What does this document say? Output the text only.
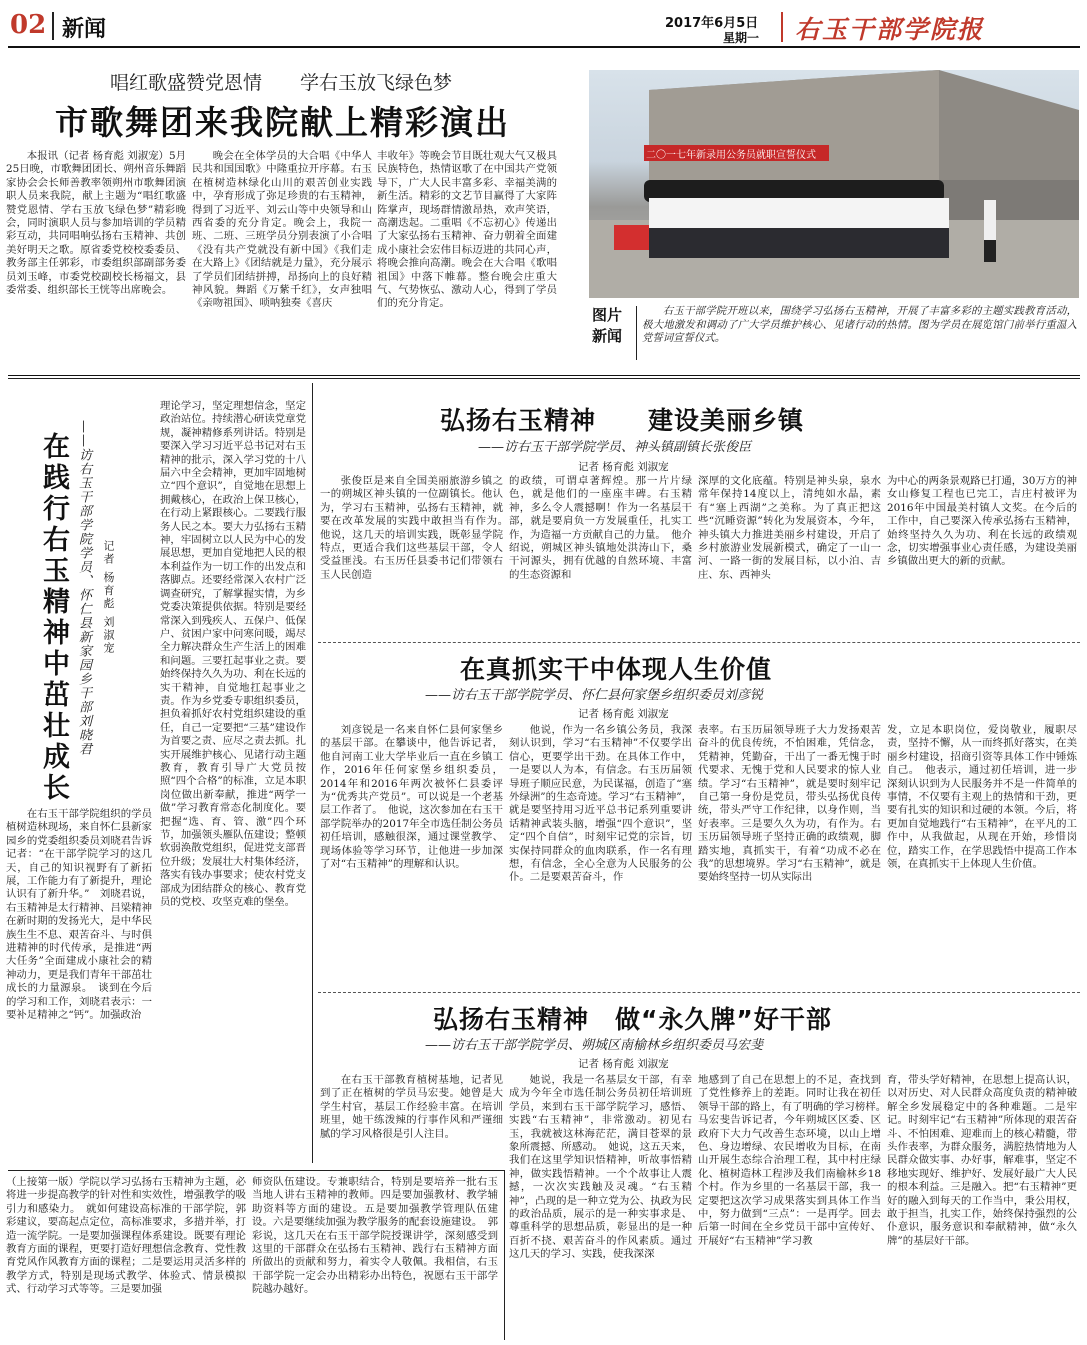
02 新闻	2017年6月5日
星期一 右玉干部学院报
唱红歌盛赞党恩情　　学右玉放飞绿色梦
市歌舞团来我院献上精彩演出

本报讯（记者 杨育彪 刘淑宠）5月25日晚，市歌舞团团长、朔州音乐舞蹈家协会会长师善教率领朔州市歌舞团演职人员来我院，献上主题为“唱红歌盛赞党恩情、学右玉放飞绿色梦”精彩晚会，同时演职人员与参加培训的学员精彩互动，共同唱响弘扬右玉精神、共创美好明天之歌。原省委党校校委委员、教务部主任郭彩，市委组织部副部务委员刘玉峰，市委党校副校长杨福文，县委常委、组织部长王恍等出席晚会。

晚会在全体学员的大合唱《中华人民共和国国歌》中隆重拉开序幕。右玉在植树造林绿化山川的艰苦创业实践中，孕育形成了弥足珍贵的右玉精神，得到了习近平、刘云山等中央领导和山西省委的充分肯定。晚会上，我院一班、二班、三班学员分别表演了小合唱《没有共产党就没有新中国》《我们走在大路上》《团结就是力量》，充分展示了学员们团结拼搏，昂扬向上的良好精神风貌。舞蹈《万紫千红》，女声独唱《亲吻祖国》、唢呐独奏《喜庆

丰收年》等晚会节目既壮观大气又极具民族特色，热情讴歌了在中国共产党领导下，广大人民丰富多彩、幸福美满的新生活。精彩的文艺节目赢得了大家阵阵掌声，现场群情激昂热，欢声笑语，高潮迭起。二重唱《不忘初心》传递出了大家弘扬右玉精神、奋力朝着全面建成小康社会宏伟目标迈进的共同心声，将晚会推向高潮。晚会在大合唱《歌唱祖国》中落下帷幕。整台晚会庄重大气、气势恢弘、激动人心，得到了学员们的充分肯定。

二〇一七年新录用公务员就职宣誓仪式
图片新闻
右玉干部学院开班以来，围绕学习弘扬右玉精神，开展了丰富多彩的主题实践教育活动，极大地激发和调动了广大学员维护核心、见诸行动的热情。图为学员在展览馆门前举行重温入党誓词宣誓仪式。
在践行右玉精神中茁壮成长 ——访右玉干部学院学员、怀仁县新家园乡干部刘晓君 记者 杨育彪 刘淑宠

在右玉干部学院组织的学员植树造林现场，来自怀仁县新家园乡的党委组织委员刘晓君告诉记者：“在干部学院学习的这几天，自己的知识视野有了新拓展，工作能力有了新提升，理论认识有了新升华。”　刘晓君说，右玉精神是太行精神、吕梁精神在新时期的发扬光大，是中华民族生生不息、艰苦奋斗、与时俱进精神的时代传承，是推进“两大任务”全面建成小康社会的精神动力，更是我们青年干部茁壮成长的力量源泉。　谈到在今后的学习和工作，刘晓君表示：一要补足精神之“钙”。加强政治

理论学习，坚定理想信念，坚定政治站位。持续潜心研读党章党规，凝神精修系列讲话。特别是要深入学习习近平总书记对右玉精神的批示，深入学习党的十八届六中全会精神，更加牢固地树立“四个意识”，自觉地在思想上拥戴核心，在政治上保卫核心，在行动上紧跟核心。二要践行服务人民之本。要大力弘扬右玉精神，牢固树立以人民为中心的发展思想，更加自觉地把人民的根本利益作为一切工作的出发点和落脚点。还要经常深入农村广泛调查研究，了解掌握实情，为乡党委决策提供依据。特别是要经常深入到残疾人、五保户、低保户、贫困户家中问寒问暖，竭尽全力解决群众生产生活上的困难和问题。三要扛起事业之责。要始终保持久久为功、利在长远的实干精神，自觉地扛起事业之责。作为乡党委专职组织委员，担负着抓好农村党组织建设的重任，自己一定要把“三基”建设作为首要之责、应尽之责去抓。扎实开展维护核心、见诸行动主题教育，教育引导广大党员按照“四个合格”的标准，立足本职岗位做出新奉献，推进“两学一做”学习教育常态化制度化。要把握“选、育、管、激”四个环节，加强领头雁队伍建设；整顿软弱涣散党组织，促进党支部晋位升级；发展壮大村集体经济，落实有钱办事要求；使农村党支部成为团结群众的核心、教育党员的党校、攻坚克难的堡垒。

弘扬右玉精神　　建设美丽乡镇
——访右玉干部学院学员、神头镇副镇长张俊臣
记者 杨育彪 刘淑宠

张俊臣是来自全国美丽旅游乡镇之一的朔城区神头镇的一位副镇长。他认为，学习右玉精神，弘扬右玉精神，就要在改革发展的实践中敢担当有作为。　他说，这几天的培训实践，既彰显学院特点，更适合我们这些基层干部，令人受益匪浅。右玉历任县委书记们带领右玉人民创造

的政绩，可谓卓著辉煌。那一片片绿色，就是他们的一座座丰碑。右玉精神，多么令人震撼啊！作为一名基层干部，就是要肩负一方发展重任，扎实工作，为造福一方贡献自己的力量。　他介绍说，朔城区神头镇地处洪涛山下，桑干河源头，拥有优越的自然环境、丰富的生态资源和

深厚的文化底蕴。特别是神头泉，泉水常年保持14度以上，清纯如水晶，素有“塞上西湖”之美称。为了真正把这些“沉睡资源”转化为发展资本，今年，神头镇大力推进美丽乡村建设，开启了乡村旅游业发展新模式，确定了一山一河、一路一街的发展目标，以小泊、吉庄、东、西神头

为中心的两条景观路已打通，30万方的神女山修复工程也已完工，吉庄村被评为2016年中国最美村镇人文奖。在今后的工作中，自己要深入传承弘扬右玉精神，始终坚持久久为功、利在长远的政绩观念，切实增强事业心责任感，为建设美丽乡镇做出更大的新的贡献。

在真抓实干中体现人生价值
——访右玉干部学院学员、怀仁县何家堡乡组织委员刘彦锐
记者 杨育彪 刘淑宠

刘彦锐是一名来自怀仁县何家堡乡的基层干部。在攀谈中，他告诉记者，他自河南工业大学毕业后一直在乡镇工作，2016年任何家堡乡组织委员，2014年和2016年两次被怀仁县委评为“优秀共产党员”。可以说是一个老基层工作者了。　他说，这次参加在右玉干部学院举办的2017年全市选任制公务员初任培训，感触很深，通过课堂教学、现场体验等学习环节，让他进一步加深了对“右玉精神”的理解和认识。

他说，作为一名乡镇公务员，我深刻认识到，学习“右玉精神”不仅要学出信心，更要学出干劲。在具体工作中，一是要以人为本，有信念。右玉历届领导班子顺应民意，为民谋福，创造了“塞外绿洲”的生态奇迹。学习“右玉精神”，就是要坚持用习近平总书记系列重要讲话精神武装头脑，增强“四个意识”，坚定“四个自信”，时刻牢记党的宗旨，切实保持同群众的血肉联系，作一名有理想，有信念，全心全意为人民服务的公仆。二是要艰苦奋斗，作

表率。右玉历届领导班子大力发扬艰苦奋斗的优良传统，不怕困难，凭信念，凭精神，凭勤奋，干出了一番无愧于时代要求、无愧于党和人民要求的惊人业绩。学习“右玉精神”，就是要时刻牢记自己第一身份是党员，带头弘扬优良传统，带头严守工作纪律，以身作则，当好表率。三是要久久为功，有作为。右玉历届领导班子坚持正确的政绩观，脚踏实地，真抓实干，有着“功成不必在我”的思想境界。学习“右玉精神”，就是要始终坚持一切从实际出

发，立足本职岗位，爱岗敬业，履职尽责，坚持不懈，从一而终抓好落实，在美丽乡村建设，招商引资等具体工作中锤炼自己。　他表示，通过初任培训，进一步深刻认识到为人民服务并不是一件简单的事情，不仅要有主观上的热情和干劲，更要有扎实的知识和过硬的本领。今后，将更加自觉地践行“右玉精神”，在平凡的工作中，从我做起，从现在开始，珍惜岗位，踏实工作，在学思践悟中提高工作本领，在真抓实干上体现人生价值。

弘扬右玉精神　做“永久牌”好干部
——访右玉干部学院学员、朔城区南榆林乡组织委员马宏斐
记者 杨育彪 刘淑宠

在右玉干部教育植树基地，记者见到了正在植树的学员马宏斐。她曾是大学生村官，基层工作经验丰富。在培训班里，她干练泼辣的行事作风和严谨细腻的学习风格很是引人注目。

她说，我是一名基层女干部，有幸成为今年全市选任制公务员初任培训班学员，来到右玉干部学院学习，感悟、实践“右玉精神”，非常激动。初见右玉，我就被这林海茫茫，满目苍翠的景象所震撼、所感动。　她说，这五天来，我们在这里学知识悟精神，听故事悟精神，做实践悟精神。一个个故事让人震撼，一次次实践触及灵魂。“右玉精神”，凸现的是一种立党为公、执政为民的政治品质，展示的是一种实事求是、尊重科学的思想品质，彰显出的是一种百折不挠、艰苦奋斗的作风素质。通过这几天的学习、实践，使我深深

地感到了自己在思想上的不足，查找到了党性修养上的差距。同时让我在初任领导干部的路上，有了明确的学习榜样。　马宏斐告诉记者，今年朔城区区委、区政府下大力气改善生态环境，以山上增色、身边增绿、农民增收为目标，在南山开展生态综合治理工程，其中村庄绿化、植树造林工程涉及我们南榆林乡18个村。作为乡里的一名基层干部，我一定要把这次学习成果落实到具体工作当中，努力做到“三点”：一是再学。回去后第一时间在全乡党员干部中宣传好、开展好“右玉精神”学习教

育，带头学好精神，在思想上提高认识，以对历史、对人民群众高度负责的精神破解全乡发展稳定中的各种难题。二是牢记。时刻牢记“右玉精神”所体现的艰苦奋斗、不怕困难、迎难而上的核心精髓，带头作表率，为群众服务，满腔热情地为人民群众做实事、办好事，解难事，坚定不移地实现好、维护好、发展好最广大人民的根本利益。三是融入。把“右玉精神”更好的融入到每天的工作当中，秉公用权，敢于担当，扎实工作，始终保持强烈的公仆意识，服务意识和奉献精神，做“永久牌”的基层好干部。

（上接第一版）学院以学习弘扬右玉精神为主题，必将进一步提高教学的针对性和实效性，增强教学的吸引力和感染力。　就如何建设高标准的干部学院，郭彩建议，要高起点定位，高标准要求，多措并举，打造一流学院。一是要加强课程体系建设。既要有理论教育方面的课程，更要打造好理想信念教育、党性教育党风作风教育方面的课程；二是要运用灵活多样的教学方式，特别是现场式教学、体验式、情景模拟式、行动学习式等等。三是要加强

师资队伍建设。专兼职结合，特别是要培养一批右玉当地人讲右玉精神的教师。四是要加强教材、教学辅助资料等方面的建设。五是要加强教学管理队伍建设。六是要继续加强为教学服务的配套设施建设。　郭彩说，这几天在右玉干部学院授课讲学，深刻感受到这里的干部群众在弘扬右玉精神、践行右玉精神方面所做出的贡献和努力，着实令人敬佩。我相信，右玉干部学院一定会办出精彩办出特色，祝愿右玉干部学院越办越好。
